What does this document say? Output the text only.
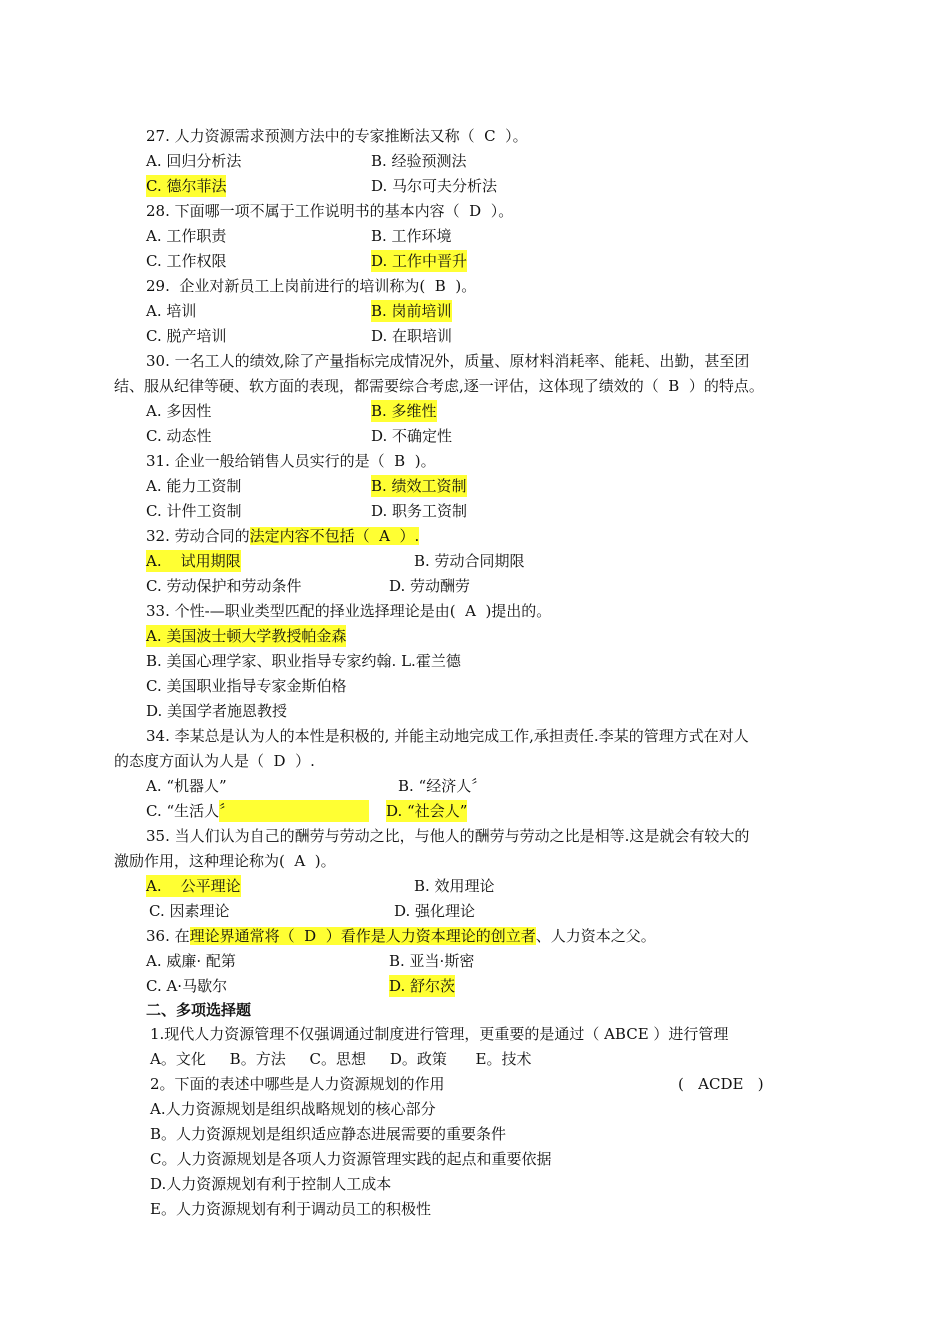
27. 人力资源需求预测方法中的专家推断法又称（  C  ）。
A. 回归分析法	B. 经验预测法
C. 德尔菲法	D. 马尔可夫分析法
28. 下面哪一项不属于工作说明书的基本内容（  D  ）。
A. 工作职责	B. 工作环境
C. 工作权限	D. 工作中晋升
29.  企业对新员工上岗前进行的培训称为(  B  )。
A. 培训	B. 岗前培训
C. 脱产培训	D. 在职培训
30. 一名工人的绩效,除了产量指标完成情况外，质量、原材料消耗率、能耗、出勤，甚至团
结、服从纪律等硬、软方面的表现，都需要综合考虑,逐一评估，这体现了绩效的（  B  ）的特点。
A. 多因性	B. 多维性
C. 动态性	D. 不确定性
31. 企业一般给销售人员实行的是（  B  )。
A. 能力工资制	B. 绩效工资制
C. 计件工资制	D. 职务工资制
32. 劳动合同的法定内容不包括（  A  ）.
A.    试用期限	B. 劳动合同期限
C. 劳动保护和劳动条件	D. 劳动酬劳
33. 个性-—职业类型匹配的择业选择理论是由(  A  )提出的。
A. 美国波士顿大学教授帕金森
B. 美国心理学家、职业指导专家约翰. L.霍兰德
C. 美国职业指导专家金斯伯格
D. 美国学者施恩教授
34. 李某总是认为人的本性是积极的, 并能主动地完成工作,承担责任.李某的管理方式在对人
的态度方面认为人是（  D  ）.
A. “机器人”	B. “经济人〞
C. “生活人〞	D. “社会人”
35. 当人们认为自己的酬劳与劳动之比，与他人的酬劳与劳动之比是相等.这是就会有较大的
激励作用，这种理论称为(  A  )。
A.    公平理论	B. 效用理论
C. 因素理论	D. 强化理论
36. 在理论界通常将（  D  ）看作是人力资本理论的创立者、人力资本之父。
A. 威廉· 配第	B. 亚当·斯密
C. A·马歇尔	D. 舒尔茨
二、多项选择题
1.现代人力资源管理不仅强调通过制度进行管理，更重要的是通过（ ABCE ）进行管理
A。文化     B。方法     C。思想     D。政策      E。技术
2。下面的表述中哪些是人力资源规划的作用	(   ACDE   )
A.人力资源规划是组织战略规划的核心部分
B。人力资源规划是组织适应静态进展需要的重要条件
C。人力资源规划是各项人力资源管理实践的起点和重要依据
D.人力资源规划有利于控制人工成本
E。人力资源规划有利于调动员工的积极性
